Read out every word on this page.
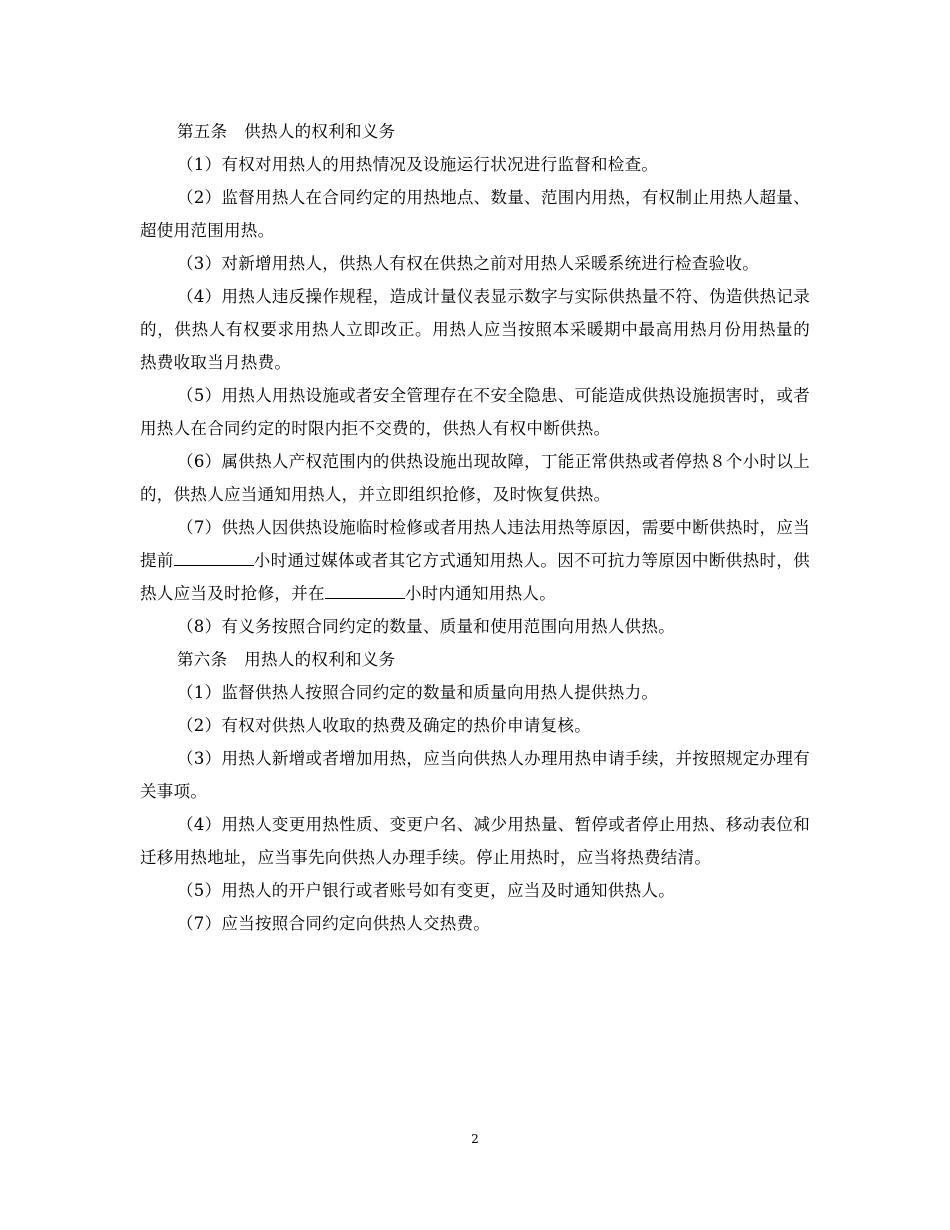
第五条　供热人的权利和义务

（1）有权对用热人的用热情况及设施运行状况进行监督和检查。

（2）监督用热人在合同约定的用热地点、数量、范围内用热，有权制止用热人超量、超使用范围用热。

（3）对新增用热人，供热人有权在供热之前对用热人采暖系统进行检查验收。

（4）用热人违反操作规程，造成计量仪表显示数字与实际供热量不符、伪造供热记录的，供热人有权要求用热人立即改正。用热人应当按照本采暖期中最高用热月份用热量的热费收取当月热费。

（5）用热人用热设施或者安全管理存在不安全隐患、可能造成供热设施损害时，或者用热人在合同约定的时限内拒不交费的，供热人有权中断供热。

（6）属供热人产权范围内的供热设施出现故障，丁能正常供热或者停热８个小时以上的，供热人应当通知用热人，并立即组织抢修，及时恢复供热。

（7）供热人因供热设施临时检修或者用热人违法用热等原因，需要中断供热时，应当提前	小时通过媒体或者其它方式通知用热人。因不可抗力等原因中断供热时，供热人应当及时抢修，并在	小时内通知用热人。

（8）有义务按照合同约定的数量、质量和使用范围向用热人供热。

第六条　用热人的权利和义务

（1）监督供热人按照合同约定的数量和质量向用热人提供热力。

（2）有权对供热人收取的热费及确定的热价申请复核。

（3）用热人新增或者增加用热，应当向供热人办理用热申请手续，并按照规定办理有关事项。

（4）用热人变更用热性质、变更户名、减少用热量、暂停或者停止用热、移动表位和迁移用热地址，应当事先向供热人办理手续。停止用热时，应当将热费结清。

（5）用热人的开户银行或者账号如有变更，应当及时通知供热人。

（7）应当按照合同约定向供热人交热费。

2
